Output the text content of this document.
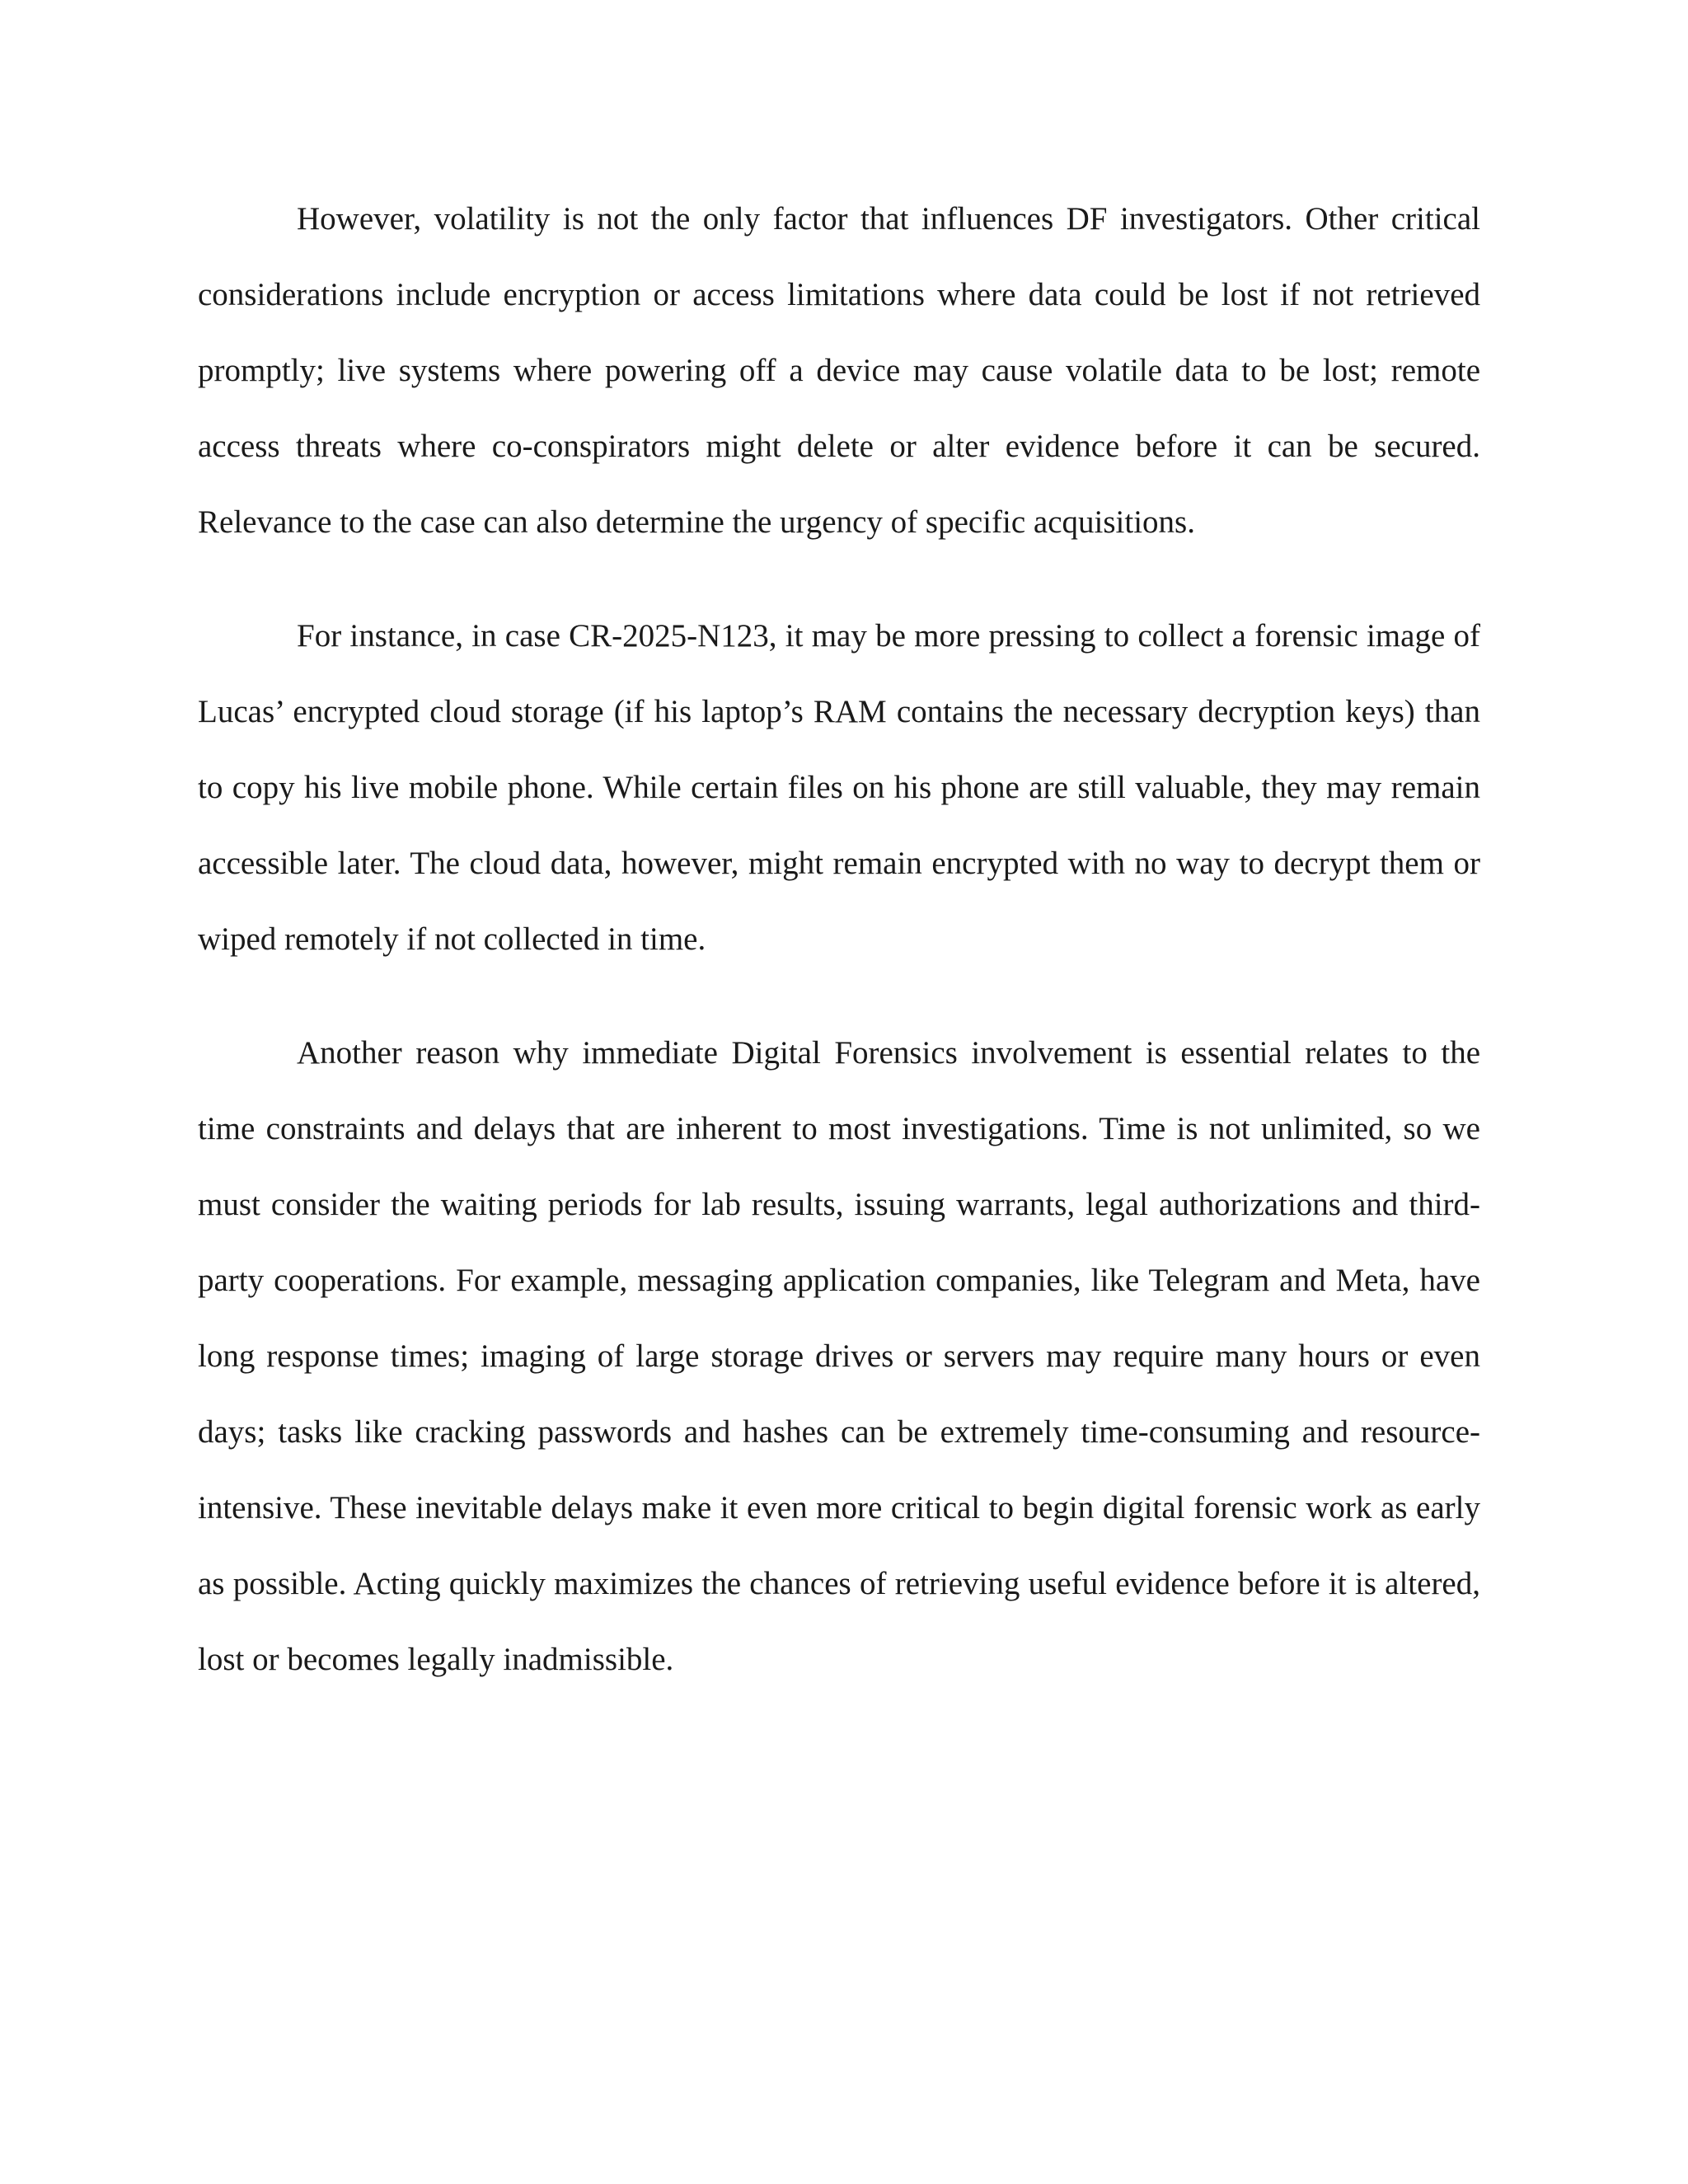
However, volatility is not the only factor that influences DF investigators. Other critical considerations include encryption or access limitations where data could be lost if not retrieved promptly; live systems where powering off a device may cause volatile data to be lost; remote access threats where co-conspirators might delete or alter evidence before it can be secured. Relevance to the case can also determine the urgency of specific acquisitions.

For instance, in case CR-2025-N123, it may be more pressing to collect a forensic image of Lucas’ encrypted cloud storage (if his laptop’s RAM contains the necessary decryption keys) than to copy his live mobile phone. While certain files on his phone are still valuable, they may remain accessible later. The cloud data, however, might remain encrypted with no way to decrypt them or wiped remotely if not collected in time.

Another reason why immediate Digital Forensics involvement is essential relates to the time constraints and delays that are inherent to most investigations. Time is not unlimited, so we must consider the waiting periods for lab results, issuing warrants, legal authorizations and third-party cooperations. For example, messaging application companies, like Telegram and Meta, have long response times; imaging of large storage drives or servers may require many hours or even days; tasks like cracking passwords and hashes can be extremely time-consuming and resource-intensive. These inevitable delays make it even more critical to begin digital forensic work as early as possible. Acting quickly maximizes the chances of retrieving useful evidence before it is altered, lost or becomes legally inadmissible.
